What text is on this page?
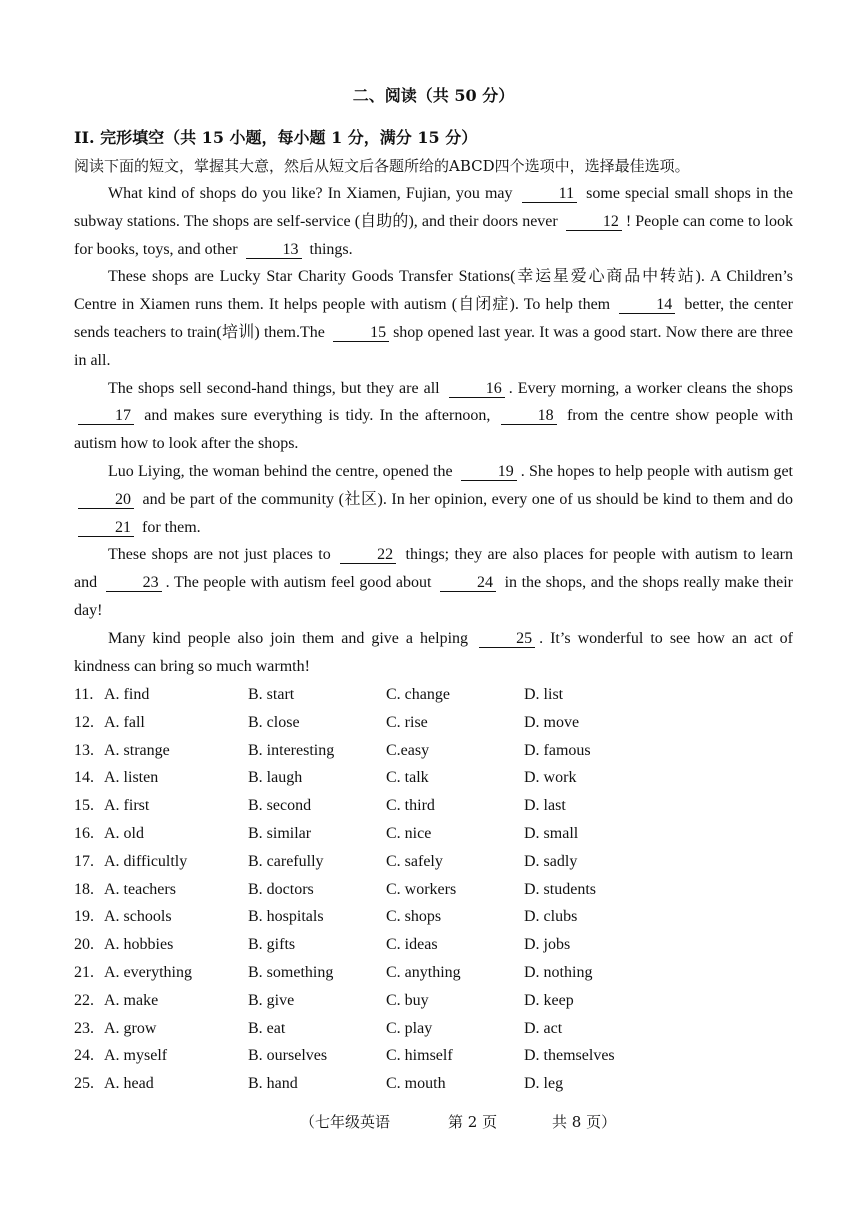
二、阅读（共 50 分）
II. 完形填空（共 15 小题，每小题 1 分，满分 15 分）
阅读下面的短文，掌握其大意，然后从短文后各题所给的ABCD四个选项中，选择最佳选项。

What kind of shops do you like? In Xiamen, Fujian, you may	11 some special small shops in the subway stations. The shops are self-service (自助的), and their doors never	12 ! People can come to look for books, toys, and other	13 things.

These shops are Lucky Star Charity Goods Transfer Stations(幸运星爱心商品中转站). A Children’s Centre in Xiamen runs them. It helps people with autism (自闭症). To help them	14 better, the center sends teachers to train(培训) them.The	15 shop opened last year. It was a good start. Now there are three in all.

The shops sell second-hand things, but they are all	16 . Every morning, a worker cleans the shops 17 and makes sure everything is tidy. In the afternoon,	18 from the centre show people with autism how to look after the shops.

Luo Liying, the woman behind the centre, opened the	19 . She hopes to help people with autism get 20 and be part of the community (社区). In her opinion, every one of us should be kind to them and do 21 for them.

These shops are not just places to	22 things; they are also places for people with autism to learn and	23 . The people with autism feel good about	24 in the shops, and the shops really make their day!

Many kind people also join them and give a helping	25 . It’s wonderful to see how an act of kindness can bring so much warmth!

11. A. find	B. start	C. change	D. list
12. A. fall	B. close	C. rise	D. move
13. A. strange	B. interesting	C.easy	D. famous
14. A. listen	B. laugh	C. talk	D. work
15. A. first	B. second	C. third	D. last
16. A. old	B. similar	C. nice	D. small
17. A. difficultly	B. carefully	C. safely	D. sadly
18. A. teachers	B. doctors	C. workers	D. students
19. A. schools	B. hospitals	C. shops	D. clubs
20. A. hobbies	B. gifts	C. ideas	D. jobs
21. A. everything	B. something	C. anything	D. nothing
22. A. make	B. give	C. buy	D. keep
23. A. grow	B. eat	C. play	D. act
24. A. myself	B. ourselves	C. himself	D. themselves
25. A. head	B. hand	C. mouth	D. leg
（七年级英语	第 2 页	共 8 页）
